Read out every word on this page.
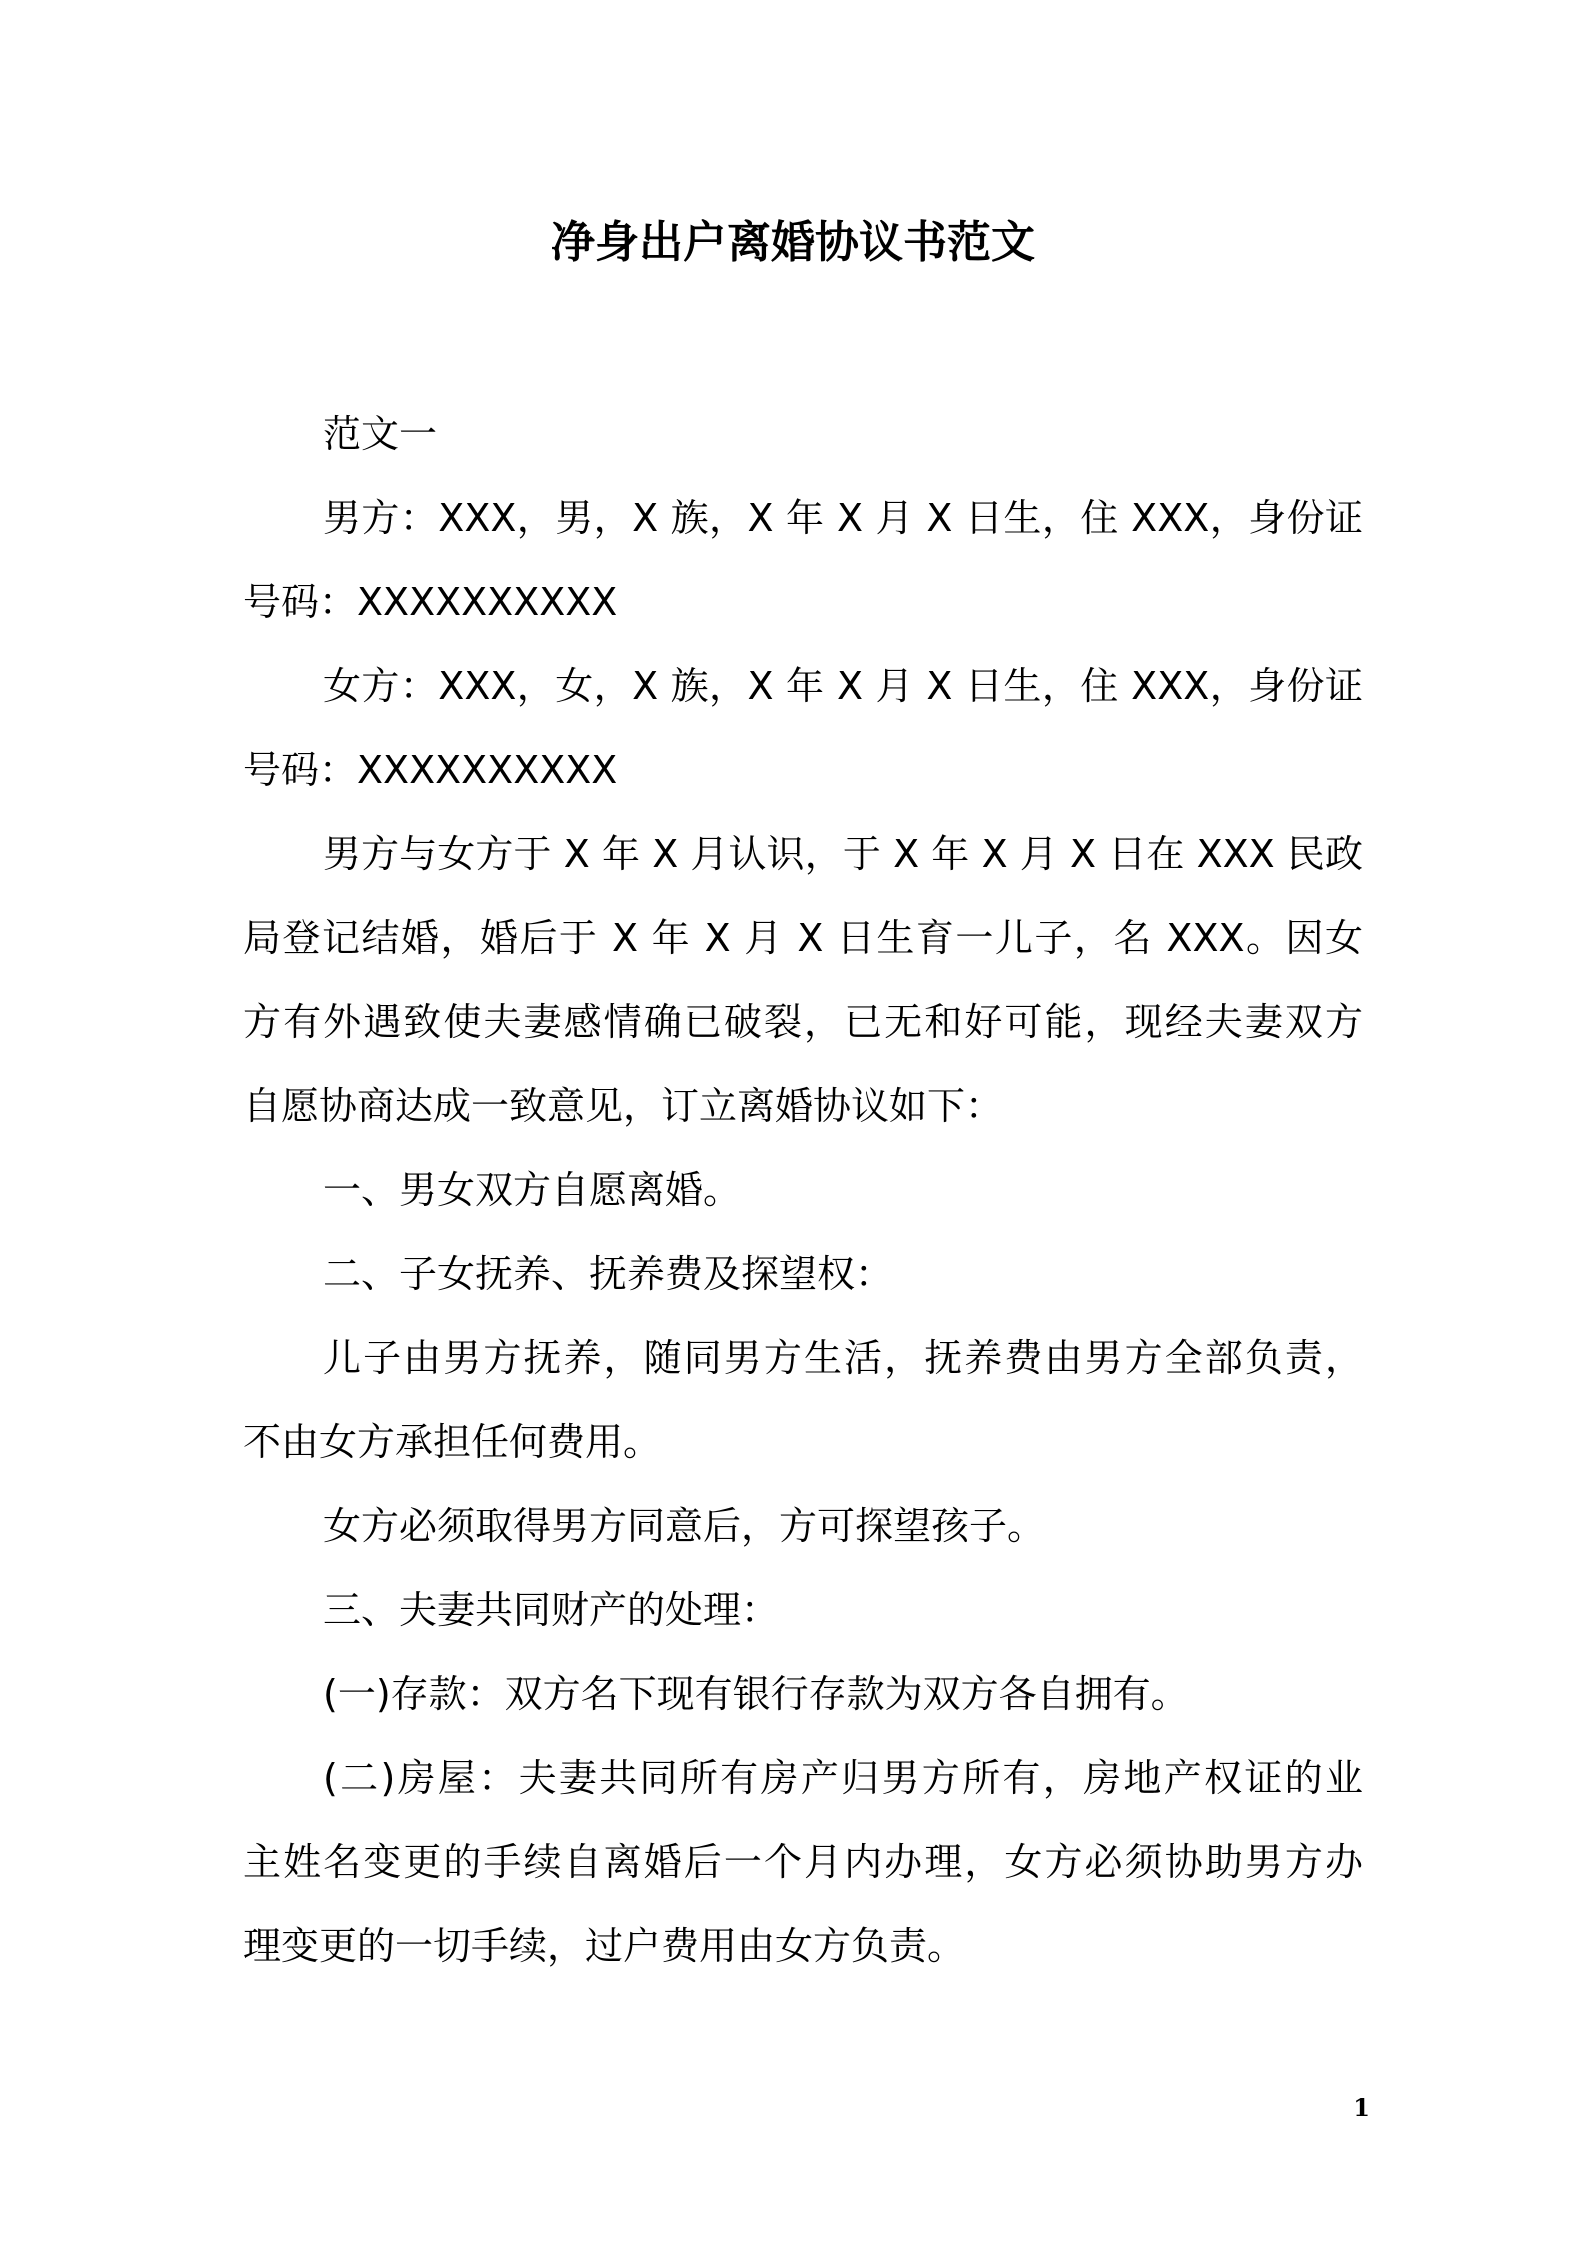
净身出户离婚协议书范文

范文一

男方：XXX，男，X 族，X 年 X 月 X 日生，住 XXX，身份证

号码：XXXXXXXXXX

女方：XXX，女，X 族，X 年 X 月 X 日生，住 XXX，身份证

号码：XXXXXXXXXX

男方与女方于 X 年 X 月认识，于 X 年 X 月 X 日在 XXX 民政

局登记结婚，婚后于 X 年 X 月 X 日生育一儿子，名 XXX。因女

方有外遇致使夫妻感情确已破裂，已无和好可能，现经夫妻双方

自愿协商达成一致意见，订立离婚协议如下：

一、男女双方自愿离婚。

二、子女抚养、抚养费及探望权：

儿子由男方抚养，随同男方生活，抚养费由男方全部负责，

不由女方承担任何费用。

女方必须取得男方同意后，方可探望孩子。

三、夫妻共同财产的处理：

(一)存款：双方名下现有银行存款为双方各自拥有。

(二)房屋：夫妻共同所有房产归男方所有，房地产权证的业

主姓名变更的手续自离婚后一个月内办理，女方必须协助男方办

理变更的一切手续，过户费用由女方负责。

1
